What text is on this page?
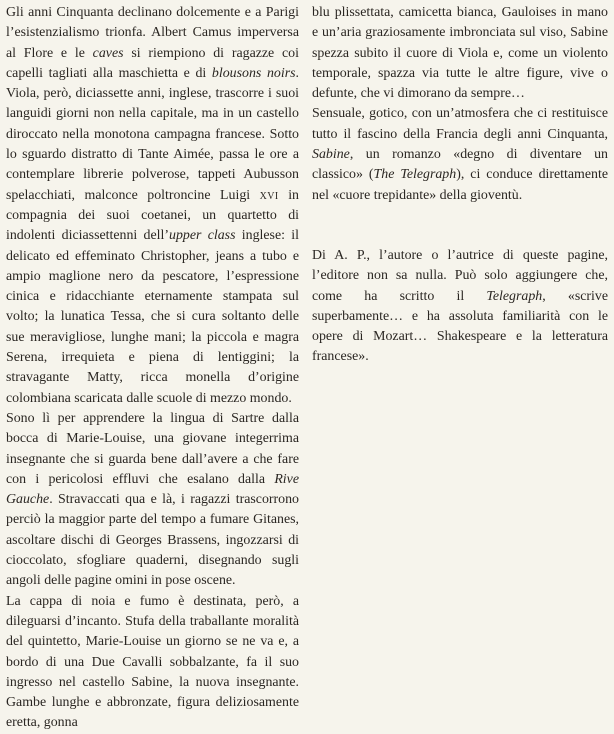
Gli anni Cinquanta declinano dolcemente e a Parigi l’esistenzialismo trionfa. Albert Camus imperversa al Flore e le caves si riempiono di ragazze coi capelli tagliati alla maschietta e di blousons noirs. Viola, però, diciassette anni, inglese, trascorre i suoi languidi giorni non nella capitale, ma in un castello diroccato nella monotona campagna francese. Sotto lo sguardo distratto di Tante Aimée, passa le ore a contemplare librerie polverose, tappeti Aubusson spelacchiati, malconce poltroncine Luigi xvi in compagnia dei suoi coetanei, un quartetto di indolenti diciassettenni dell’upper class inglese: il delicato ed effeminato Christopher, jeans a tubo e ampio maglione nero da pescatore, l’espressione cinica e ridacchiante eternamente stampata sul volto; la lunatica Tessa, che si cura soltanto delle sue meravigliose, lunghe mani; la piccola e magra Serena, irrequieta e piena di lentiggini; la stravagante Matty, ricca monella d’origine colombiana scaricata dalle scuole di mezzo mondo.

Sono lì per apprendere la lingua di Sartre dalla bocca di Marie-Louise, una giovane integerrima insegnante che si guarda bene dall’avere a che fare con i pericolosi effluvi che esalano dalla Rive Gauche. Stravaccati qua e là, i ragazzi trascorrono perciò la maggior parte del tempo a fumare Gitanes, ascoltare dischi di Georges Brassens, ingozzarsi di cioccolato, sfogliare quaderni, disegnando sugli angoli delle pagine omini in pose oscene.

La cappa di noia e fumo è destinata, però, a dileguarsi d’incanto. Stufa della traballante moralità del quintetto, Marie-Louise un giorno se ne va e, a bordo di una Due Cavalli sobbalzante, fa il suo ingresso nel castello Sabine, la nuova insegnante. Gambe lunghe e abbronzate, figura deliziosamente eretta, gonna

blu plissettata, camicetta bianca, Gauloises in mano e un’aria graziosamente imbronciata sul viso, Sabine spezza subito il cuore di Viola e, come un violento temporale, spazza via tutte le altre figure, vive o defunte, che vi dimorano da sempre…

Sensuale, gotico, con un’atmosfera che ci restituisce tutto il fascino della Francia degli anni Cinquanta, Sabine, un romanzo «degno di diventare un classico» (The Telegraph), ci conduce direttamente nel «cuore trepidante» della gioventù.

Di A. P., l’autore o l’autrice di queste pagine, l’editore non sa nulla. Può solo aggiungere che, come ha scritto il Telegraph, «scrive superbamente… e ha assoluta familiarità con le opere di Mozart… Shakespeare e la letteratura francese».
